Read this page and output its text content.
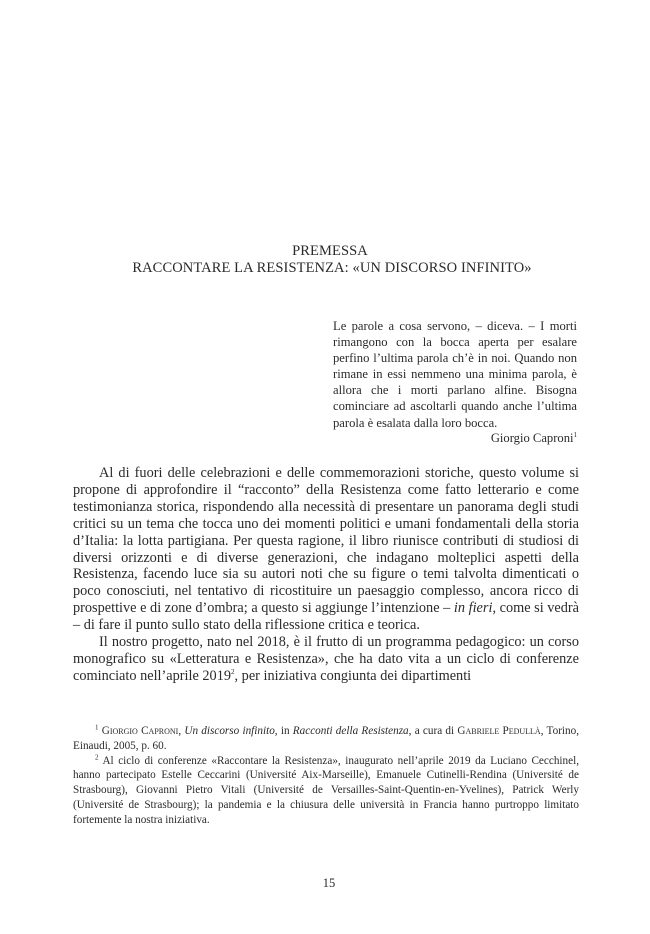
PREMESSA
RACCONTARE LA RESISTENZA: «UN DISCORSO INFINITO»

Le parole a cosa servono, – diceva. – I morti rimangono con la bocca aperta per esalare perfino l’ultima parola ch’è in noi. Quando non rimane in essi nemmeno una minima parola, è allora che i morti parlano alfine. Bisogna cominciare ad ascoltarli quando anche l’ultima parola è esalata dalla loro bocca.

Giorgio Caproni$^1$

Al di fuori delle celebrazioni e delle commemorazioni storiche, questo volume si propone di approfondire il “racconto” della Resistenza come fatto letterario e come testimonianza storica, rispondendo alla necessità di presentare un panorama degli studi critici su un tema che tocca uno dei momenti politici e umani fondamentali della storia d’Italia: la lotta partigiana. Per questa ragione, il libro riunisce contributi di studiosi di diversi orizzonti e di diverse generazioni, che indagano molteplici aspetti della Resistenza, facendo luce sia su autori noti che su figure o temi talvolta dimenticati o poco conosciuti, nel tentativo di ricostituire un paesaggio complesso, ancora ricco di prospettive e di zone d’ombra; a questo si aggiunge l’intenzione – in fieri, come si vedrà – di fare il punto sullo stato della riflessione critica e teorica.

Il nostro progetto, nato nel 2018, è il frutto di un programma pedagogico: un corso monografico su «Letteratura e Resistenza», che ha dato vita a un ciclo di conferenze cominciato nell’aprile 2019$^2$, per iniziativa congiunta dei dipartimenti

$^1$ Giorgio Caproni, Un discorso infinito, in Racconti della Resistenza, a cura di Gabriele Pedullà, Torino, Einaudi, 2005, p. 60.

$^2$ Al ciclo di conferenze «Raccontare la Resistenza», inaugurato nell’aprile 2019 da Luciano Cecchinel, hanno partecipato Estelle Ceccarini (Université Aix-Marseille), Emanuele Cutinelli-Rendina (Université de Strasbourg), Giovanni Pietro Vitali (Université de Versailles-Saint-Quentin-en-Yvelines), Patrick Werly (Université de Strasbourg); la pandemia e la chiusura delle università in Francia hanno purtroppo limitato fortemente la nostra iniziativa.

15
